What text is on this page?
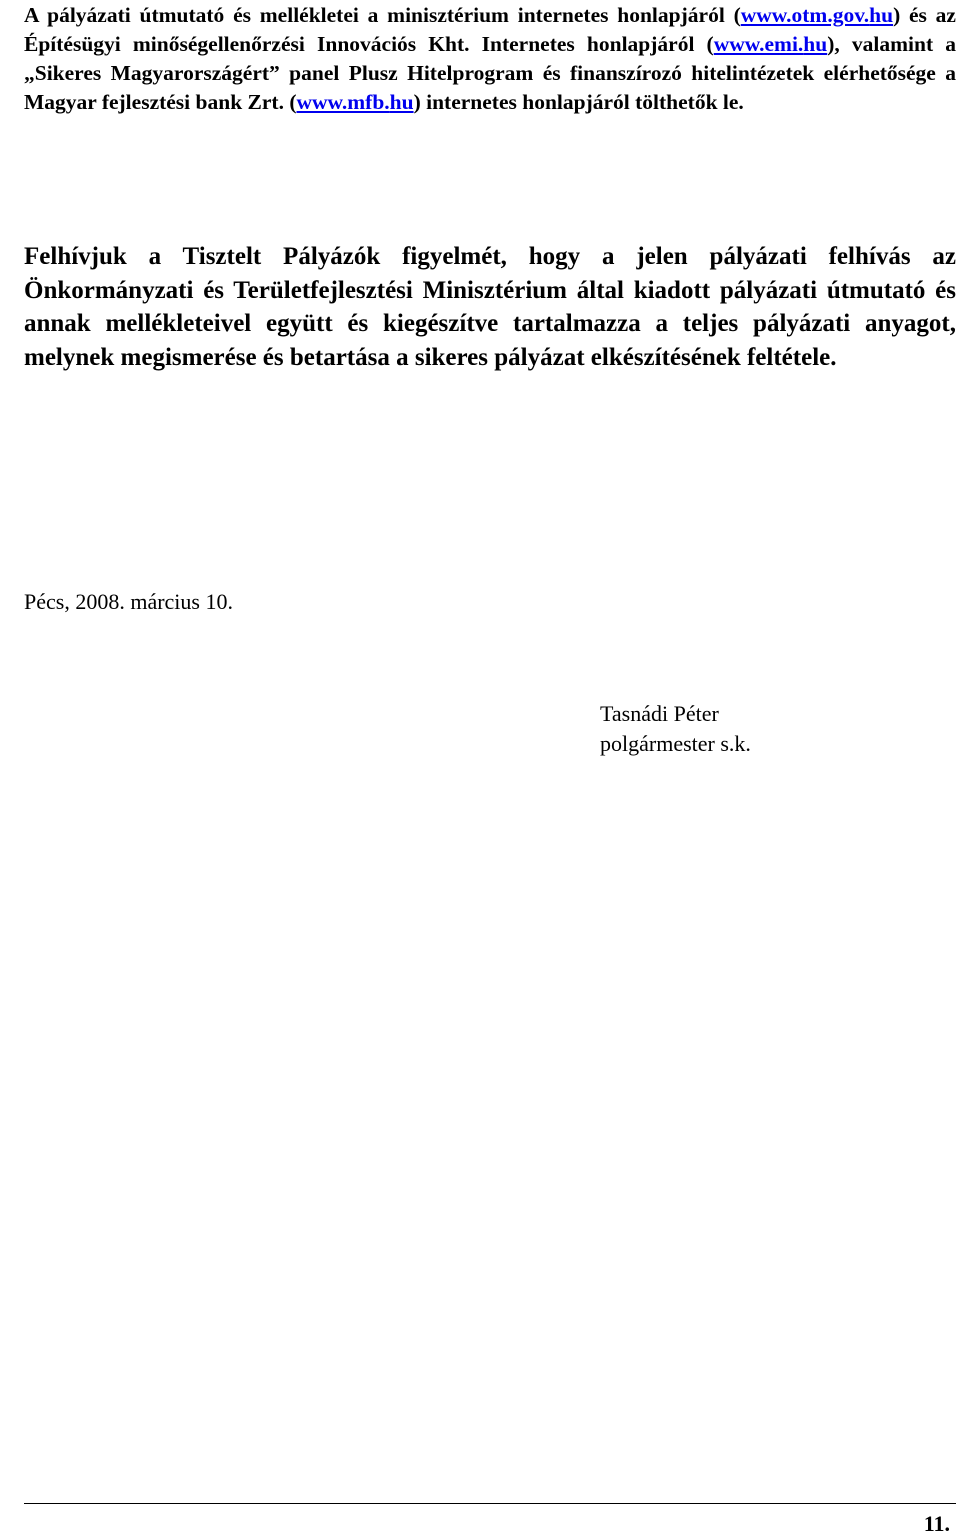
A pályázati útmutató és mellékletei a minisztérium internetes honlapjáról (www.otm.gov.hu) és az Építésügyi minőségellenőrzési Innovációs Kht. Internetes honlapjáról (www.emi.hu), valamint a „Sikeres Magyarországért” panel Plusz Hitelprogram és finanszírozó hitelintézetek elérhetősége a Magyar fejlesztési bank Zrt. (www.mfb.hu) internetes honlapjáról tölthetők le.

Felhívjuk a Tisztelt Pályázók figyelmét, hogy a jelen pályázati felhívás az Önkormányzati és Területfejlesztési Minisztérium által kiadott pályázati útmutató és annak mellékleteivel együtt és kiegészítve tartalmazza a teljes pályázati anyagot, melynek megismerése és betartása a sikeres pályázat elkészítésének feltétele.

Pécs, 2008. március 10.

Tasnádi Péter
polgármester s.k.
11.
